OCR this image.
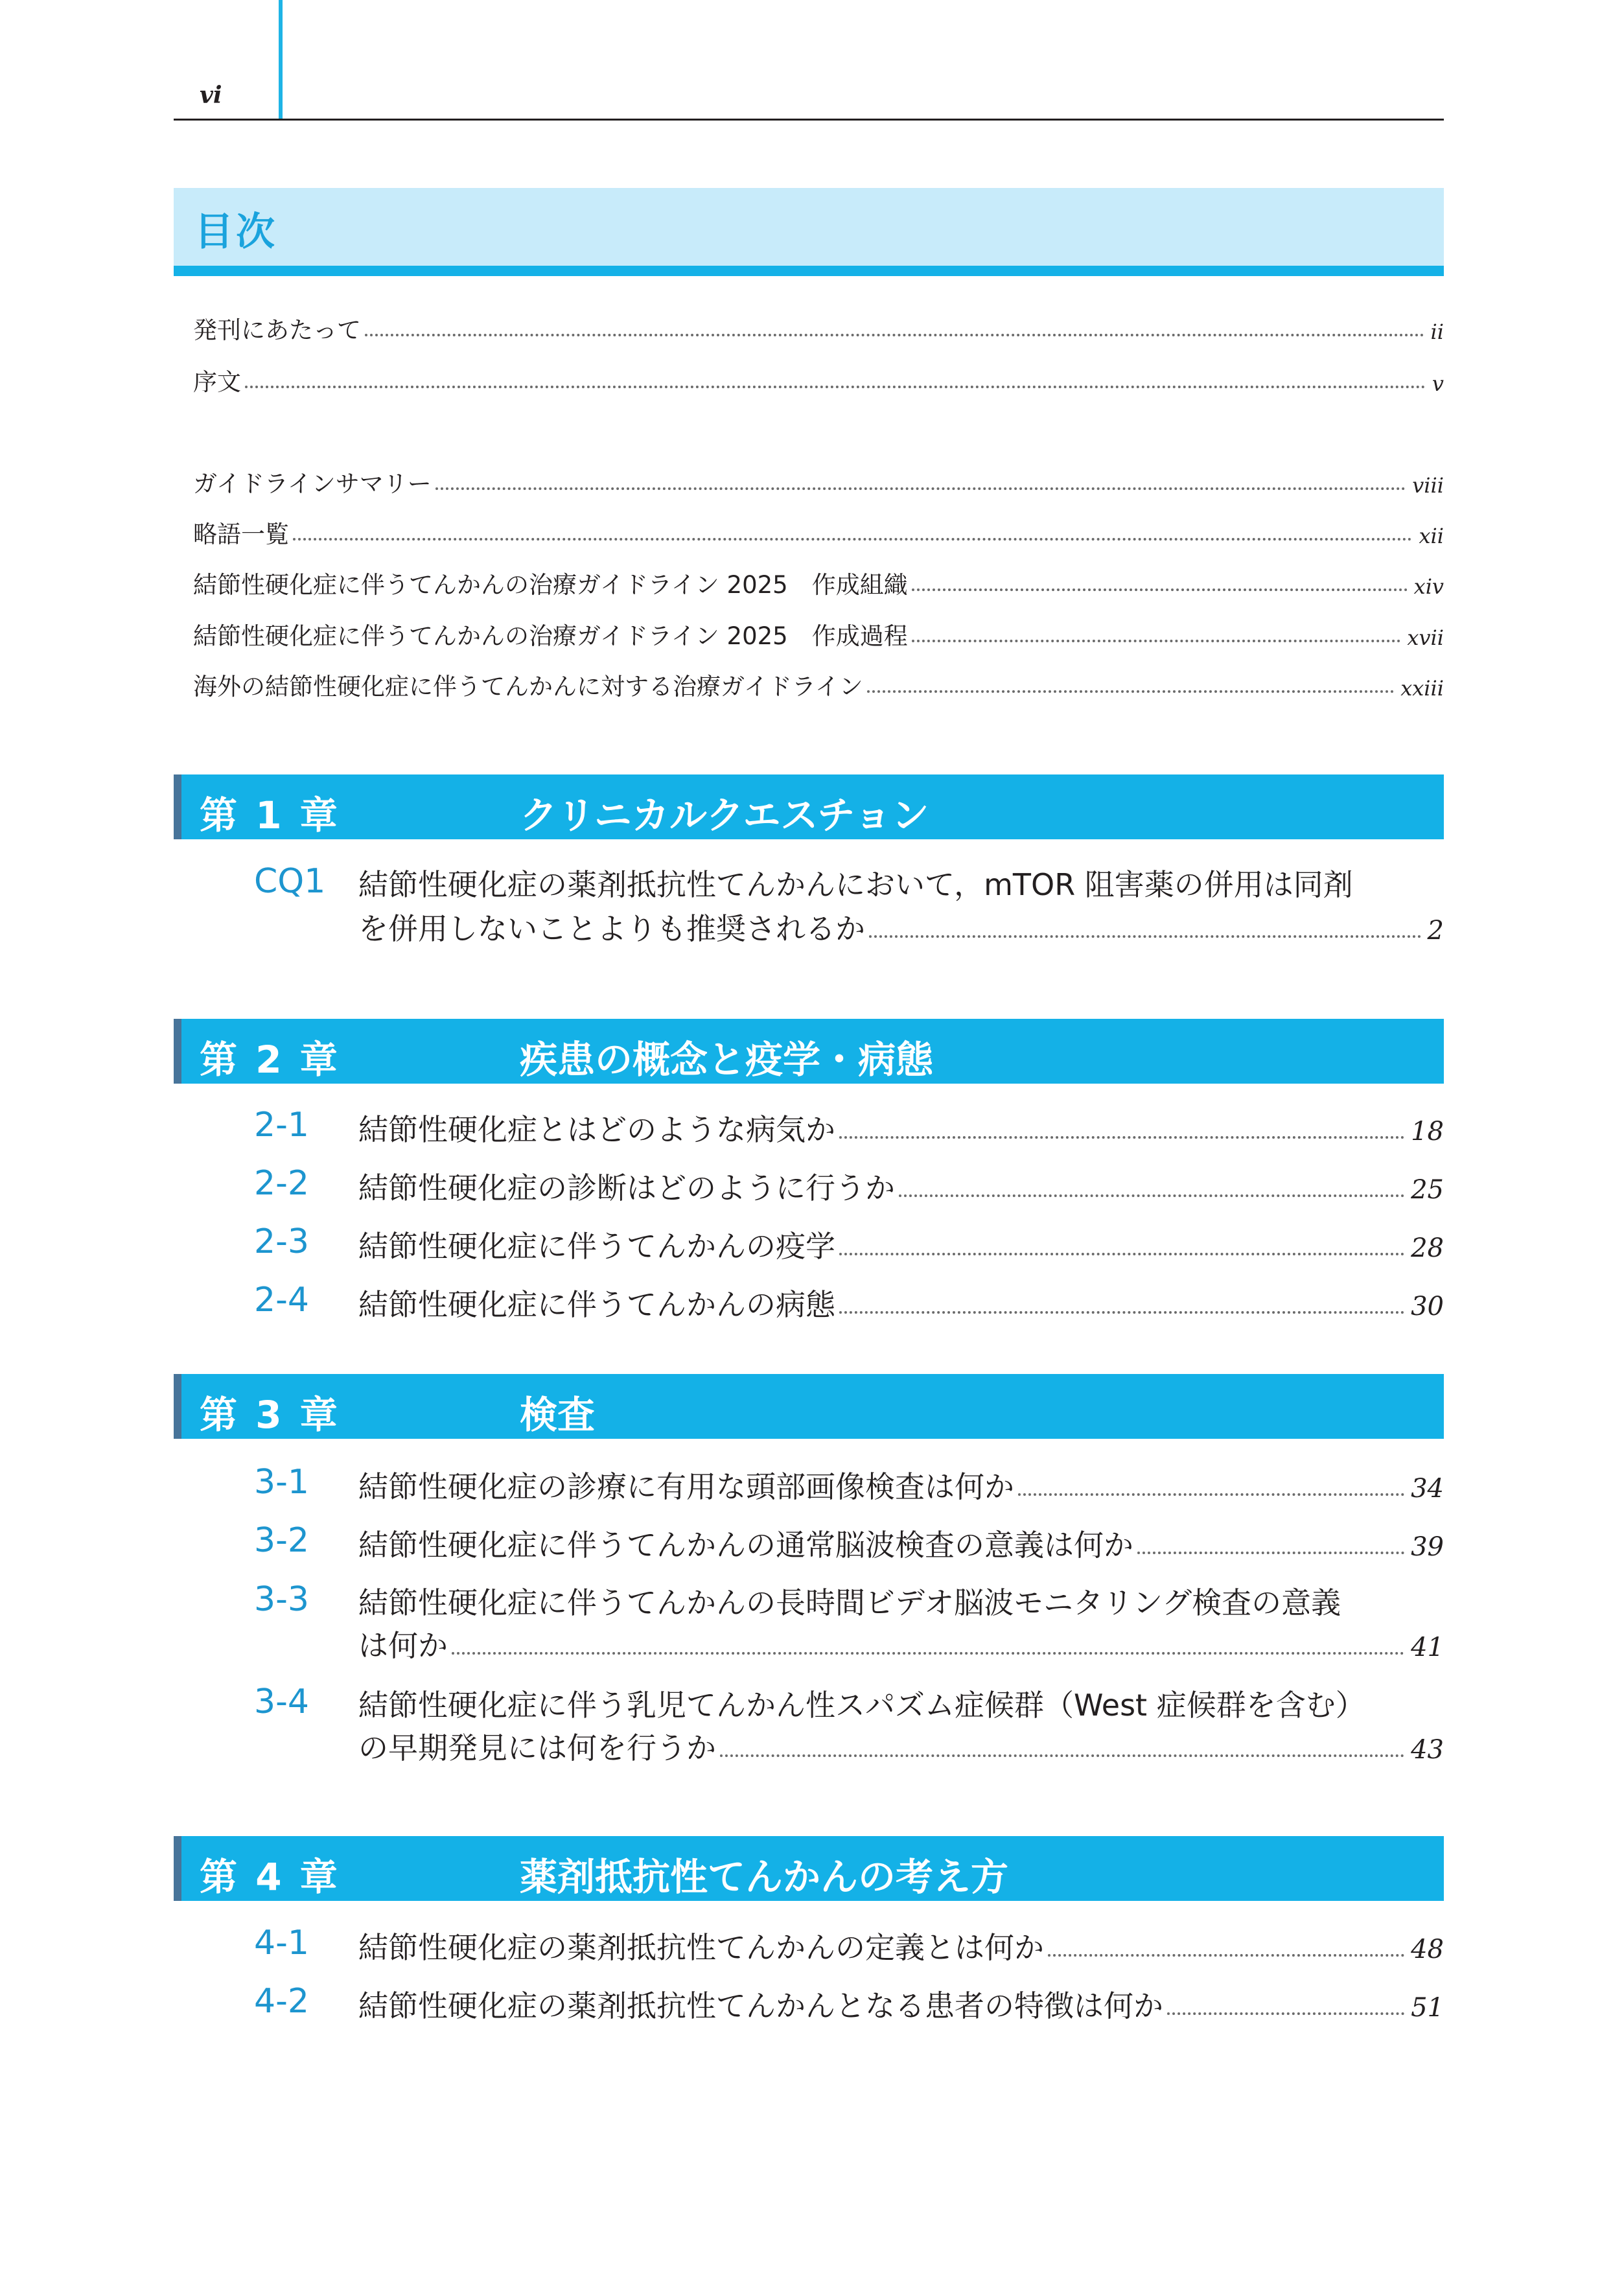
vi
目次
発刊にあたって	ii
序文	v
ガイドラインサマリー	viii
略語一覧	xii
結節性硬化症に伴うてんかんの治療ガイドライン 2025　作成組織	xiv
結節性硬化症に伴うてんかんの治療ガイドライン 2025　作成過程	xvii
海外の結節性硬化症に伴うてんかんに対する治療ガイドライン	xxiii
第 1 章	クリニカルクエスチョン
CQ1 結節性硬化症の薬剤抵抗性てんかんにおいて，mTOR 阻害薬の併用は同剤
を併用しないことよりも推奨されるか	2
第 2 章	疾患の概念と疫学・病態
2-1 結節性硬化症とはどのような病気か	18
2-2 結節性硬化症の診断はどのように行うか	25
2-3 結節性硬化症に伴うてんかんの疫学	28
2-4 結節性硬化症に伴うてんかんの病態	30
第 3 章	検査
3-1 結節性硬化症の診療に有用な頭部画像検査は何か	34
3-2 結節性硬化症に伴うてんかんの通常脳波検査の意義は何か	39
3-3 結節性硬化症に伴うてんかんの長時間ビデオ脳波モニタリング検査の意義
は何か	41
3-4 結節性硬化症に伴う乳児てんかん性スパズム症候群（West 症候群を含む）
の早期発見には何を行うか	43
第 4 章	薬剤抵抗性てんかんの考え方
4-1 結節性硬化症の薬剤抵抗性てんかんの定義とは何か	48
4-2 結節性硬化症の薬剤抵抗性てんかんとなる患者の特徴は何か	51
